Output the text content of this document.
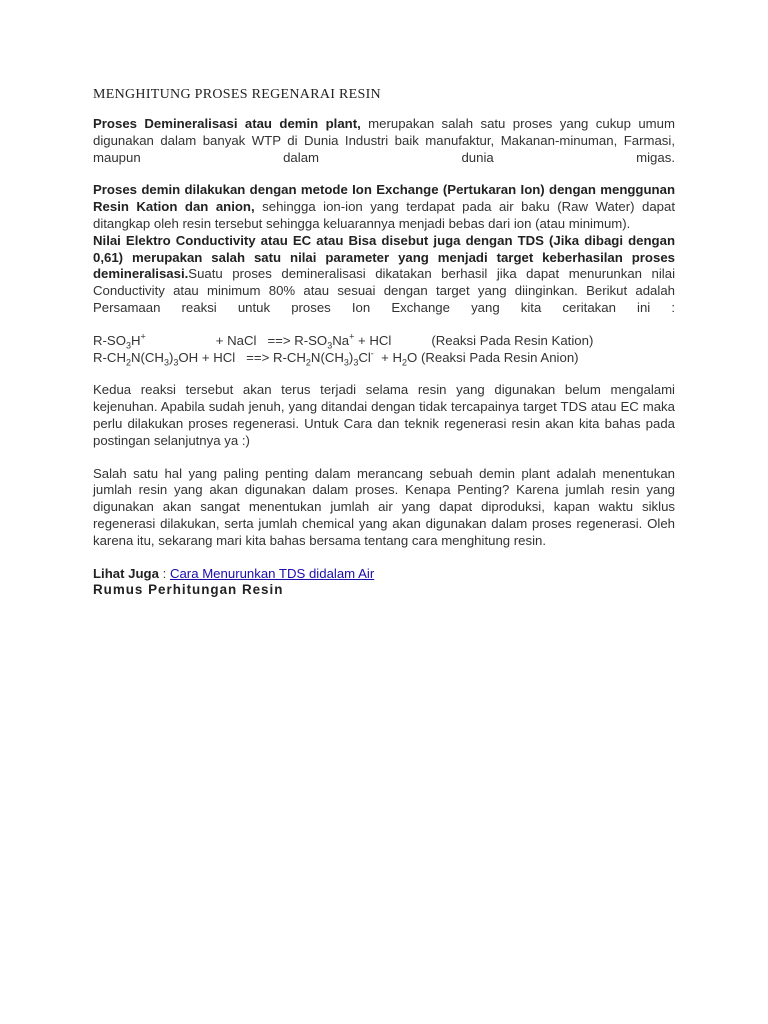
MENGHITUNG PROSES REGENARAI RESIN

Proses Demineralisasi atau demin plant, merupakan salah satu proses yang cukup umum digunakan dalam banyak WTP di Dunia Industri baik manufaktur, Makanan-minuman, Farmasi, maupun dalam dunia migas.

Proses demin dilakukan dengan metode Ion Exchange (Pertukaran Ion) dengan menggunan Resin Kation dan anion, sehingga ion-ion yang terdapat pada air baku (Raw Water) dapat ditangkap oleh resin tersebut sehingga keluarannya menjadi bebas dari ion (atau minimum).

Nilai Elektro Conductivity atau EC atau Bisa disebut juga dengan TDS (Jika dibagi dengan 0,61) merupakan salah satu nilai parameter yang menjadi target keberhasilan proses demineralisasi.Suatu proses demineralisasi dikatakan berhasil jika dapat menurunkan nilai Conductivity atau minimum 80% atau sesuai dengan target yang diinginkan. Berikut adalah Persamaan reaksi untuk proses Ion Exchange yang kita ceritakan ini :

$R-SO_3H^+$	+ NaCl   ==> $R-SO_3Na^+$ + HCl	(Reaksi Pada Resin Kation)

$R-CH_2N(CH_3)_3OH$ + HCl   ==> $R-CH_2N(CH_3)_3Cl^- + H_2O$ (Reaksi Pada Resin Anion)

Kedua reaksi tersebut akan terus terjadi selama resin yang digunakan belum mengalami kejenuhan. Apabila sudah jenuh, yang ditandai dengan tidak tercapainya target TDS atau EC maka perlu dilakukan proses regenerasi. Untuk Cara dan teknik regenerasi resin akan kita bahas pada postingan selanjutnya ya :)

Salah satu hal yang paling penting dalam merancang sebuah demin plant adalah menentukan jumlah resin yang akan digunakan dalam proses. Kenapa Penting? Karena jumlah resin yang digunakan akan sangat menentukan jumlah air yang dapat diproduksi, kapan waktu siklus regenerasi dilakukan, serta jumlah chemical yang akan digunakan dalam proses regenerasi. Oleh karena itu, sekarang mari kita bahas bersama tentang cara menghitung resin.

Lihat Juga : Cara Menurunkan TDS didalam Air

Rumus Perhitungan Resin
